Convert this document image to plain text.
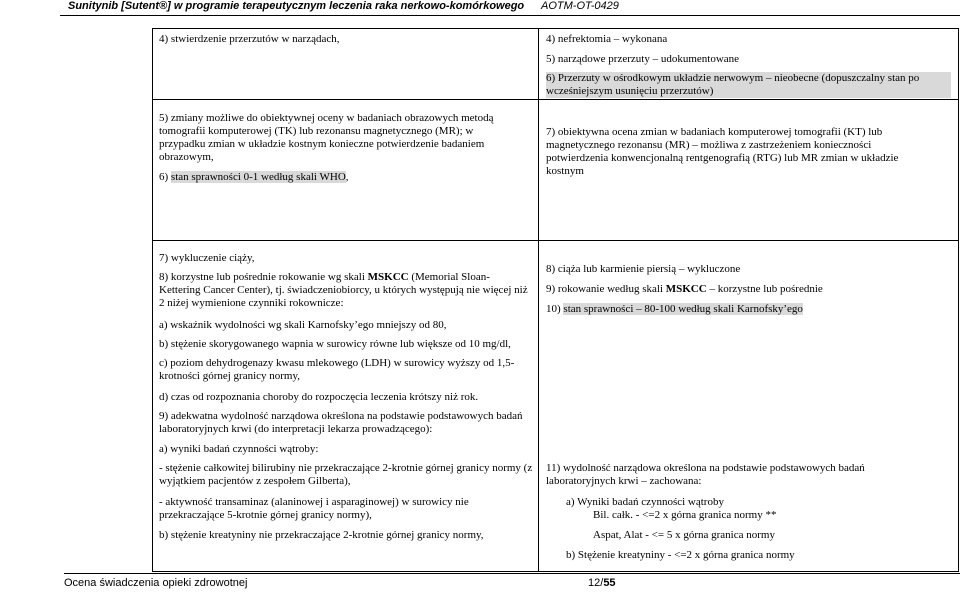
Sunitynib [Sutent®] w programie terapeutycznym leczenia raka nerkowo-komórkowego AOTM-OT-0429

4) stwierdzenie przerzutów w narządach,	4) nefrektomia – wykonana

5) narządowe przerzuty – udokumentowane

6) Przerzuty w ośrodkowym układzie nerwowym – nieobecne (dopuszczalny stan po wcześniejszym usunięciu przerzutów)

5) zmiany możliwe do obiektywnej oceny w badaniach obrazowych metodą tomografii komputerowej (TK) lub rezonansu magnetycznego (MR); w przypadku zmian w układzie kostnym konieczne potwierdzenie badaniem obrazowym,

6) stan sprawności 0-1 według skali WHO,

7) obiektywna ocena zmian w badaniach komputerowej tomografii (KT) lub magnetycznego rezonansu (MR) – możliwa z zastrzeżeniem konieczności potwierdzenia konwencjonalną rentgenografią (RTG) lub MR zmian w układzie kostnym

7) wykluczenie ciąży,

8) korzystne lub pośrednie rokowanie wg skali MSKCC (Memorial Sloan-Kettering Cancer Center), tj. świadczeniobiorcy, u których występują nie więcej niż 2 niżej wymienione czynniki rokownicze:

a) wskaźnik wydolności wg skali Karnofsky’ego mniejszy od 80,

b) stężenie skorygowanego wapnia w surowicy równe lub większe od 10 mg/dl,

c) poziom dehydrogenazy kwasu mlekowego (LDH) w surowicy wyższy od 1,5-krotności górnej granicy normy,

d) czas od rozpoznania choroby do rozpoczęcia leczenia krótszy niż rok.

9) adekwatna wydolność narządowa określona na podstawie podstawowych badań laboratoryjnych krwi (do interpretacji lekarza prowadzącego):

a) wyniki badań czynności wątroby:

- stężenie całkowitej bilirubiny nie przekraczające 2-krotnie górnej granicy normy (z wyjątkiem pacjentów z zespołem Gilberta),

- aktywność transaminaz (alaninowej i asparaginowej) w surowicy nie przekraczające 5-krotnie górnej granicy normy),

b) stężenie kreatyniny nie przekraczające 2-krotnie górnej granicy normy,

8) ciąża lub karmienie piersią – wykluczone

9) rokowanie według skali MSKCC – korzystne lub pośrednie

10) stan sprawności – 80-100 według skali Karnofsky’ego

11) wydolność narządowa określona na podstawie podstawowych badań laboratoryjnych krwi – zachowana:

a) Wyniki badań czynności wątroby

Bil. całk. - <=2 x górna granica normy **

Aspat, Alat - <= 5 x górna granica normy

b) Stężenie kreatyniny - <=2 x górna granica normy

Ocena świadczenia opieki zdrowotnej	12/55
